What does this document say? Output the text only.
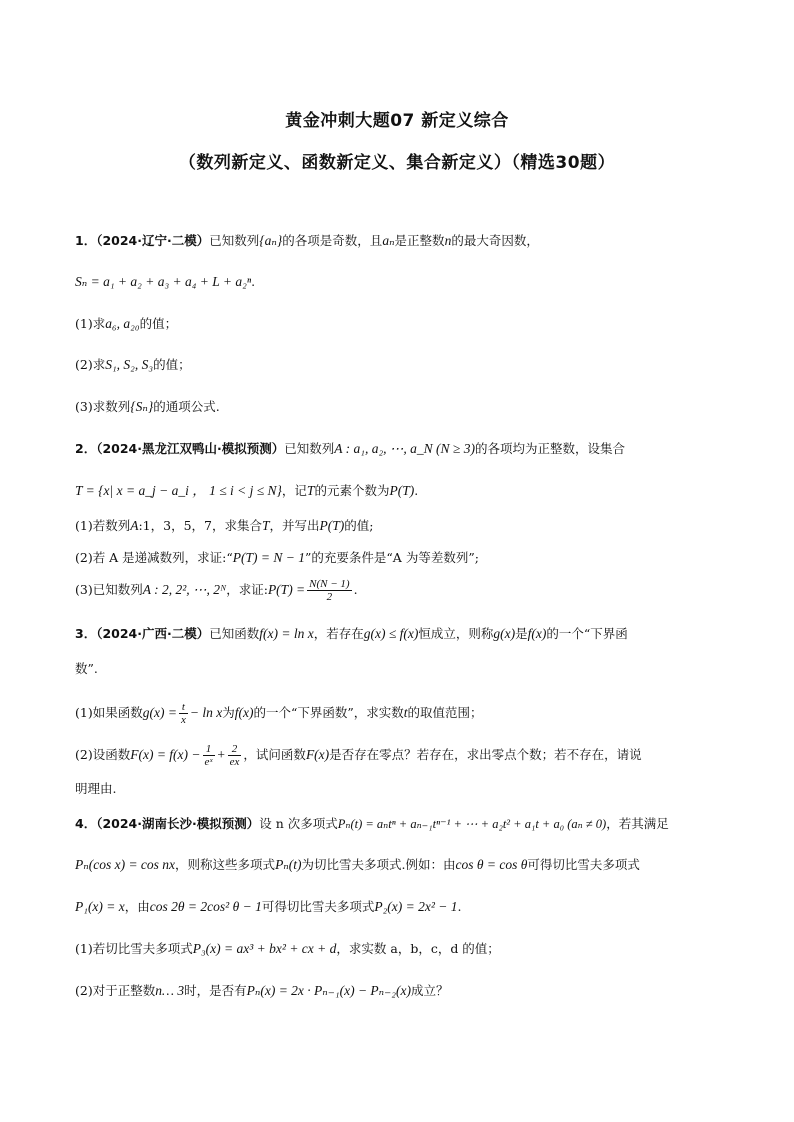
黄金冲刺大题07 新定义综合
（数列新定义、函数新定义、集合新定义）（精选30题）
1．（2024·辽宁·二模）已知数列{aₙ}的各项是奇数，且aₙ是正整数n的最大奇因数，
Sₙ = a₁ + a₂ + a₃ + a₄ + L + a₂ⁿ.
(1)求a₆, a₂₀的值；
(2)求S₁, S₂, S₃的值；
(3)求数列{Sₙ}的通项公式.
2．（2024·黑龙江双鸭山·模拟预测）已知数列A : a₁, a₂, ⋯, a_N (N ≥ 3)的各项均为正整数，设集合
T = {x| x = a_j − a_i ， 1 ≤ i < j ≤ N}，记T的元素个数为P(T).
(1)若数列A:1，3，5，7，求集合T，并写出P(T)的值;
(2)若 A 是递减数列，求证:“P(T) = N − 1”的充要条件是“A 为等差数列”;
(3)已知数列A : 2, 2², ⋯, 2ᴺ，求证:P(T) = $\frac{N(N - 1)}{2}$ .
3．（2024·广西·二模）已知函数f(x) = ln x，若存在g(x) ≤ f(x)恒成立，则称g(x)是f(x)的一个“下界函
数”.
(1)如果函数$g(x) = \frac{t}{x} - \ln x$为f(x)的一个“下界函数”，求实数t的取值范围；
(2)设函数$F(x) = f(x) - \frac{1}{\text{eˣ}} + \frac{2}{ex}$ ，试问函数F(x)是否存在零点？若存在，求出零点个数；若不存在，请说
明理由.
4．（2024·湖南长沙·模拟预测）设 n 次多项式Pₙ(t) = aₙtⁿ + aₙ₋₁tⁿ⁻¹ + ⋯ + a₂t² + a₁t + a₀ (aₙ ≠ 0)，若其满足
Pₙ(cos x) = cos nx，则称这些多项式Pₙ(t)为切比雪夫多项式.例如：由cos θ = cos θ可得切比雪夫多项式
P₁(x) = x，由cos 2θ = 2cos² θ − 1可得切比雪夫多项式P₂(x) = 2x² − 1.
(1)若切比雪夫多项式P₃(x) = ax³ + bx² + cx + d，求实数 a，b，c，d 的值；
(2)对于正整数n… 3时，是否有Pₙ(x) = 2x · Pₙ₋₁(x) − Pₙ₋₂(x)成立？
